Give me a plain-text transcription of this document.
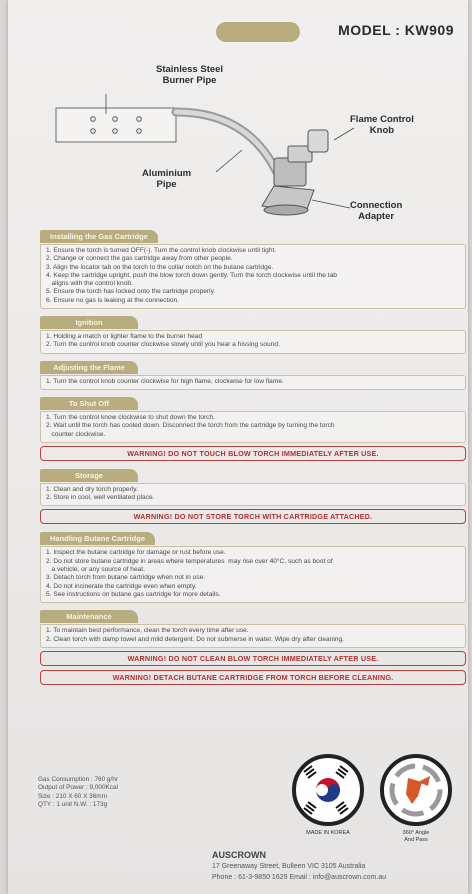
MODEL : KW909
Stainless Steel
Burner Pipe
Aluminium
Pipe
Flame Control
Knob
Connection
Adapter
Installing the Gas Cartridge
1. Ensure the torch is turned OFF(-). Turn the control knob clockwise until tight.
2. Change or connect the gas cartridge away from other people.
3. Align the locator tab on the torch to the collar notch on the butane cartridge.
4. Keep the cartridge upright, push the blow torch down gently. Turn the torch clockwise until the tab
aligns with the control knob.
5. Ensure the torch has locked onto the cartridge properly.
6. Ensure no gas is leaking at the connection.
Ignition
1. Holding a match or lighter flame to the burner head
2. Turn the control knob counter clockwise slowly until you hear a hissing sound.
Adjusting the Flame
1. Turn the control knob counter clockwise for high flame, clockwise for low flame.
To Shut Off
1. Turn the control know clockwise to shut down the torch.
2. Wait until the torch has cooled down. Disconnect the torch from the cartridge by turning the torch
counter clockwise.
WARNING! DO NOT TOUCH BLOW TORCH IMMEDIATELY AFTER USE.
Storage
1. Clean and dry torch properly.
2. Store in cool, well ventilated place.
WARNING! DO NOT STORE TORCH WITH CARTRIDGE ATTACHED.
Handling Butane Cartridge
1. Inspect the butane cartridge for damage or rust before use.
2. Do not store butane cartridge in areas where temperatures  may rise over 40°C, such as boot of
a vehicle, or any source of heat.
3. Detach torch from butane cartridge when not in use.
4. Do not incinerate the cartridge even when empty.
5. See instructions on butane gas cartridge for more details.
Maintenance
1. To maintain best performance, clean the torch every time after use.
2. Clean torch with damp towel and mild detergent. Do not submerse in water. Wipe dry after cleaning.
WARNING! DO NOT CLEAN BLOW TORCH IMMEDIATELY AFTER USE.
WARNING! DETACH BUTANE CARTRIDGE FROM TORCH BEFORE CLEANING.
Gas Consumption : 760 g/hr
Output of Power : 9,000Kcal
Size : 210 X 60 X 36mm
QTY : 1 unit N.W. : 173g
MADE IN KOREA	360° Angle
And Pass
AUSCROWN
17 Greenaway Street, Bulleen VIC 3105 Australia
Phone : 61-3-9850 1629 Email : info@auscrown.com.au
